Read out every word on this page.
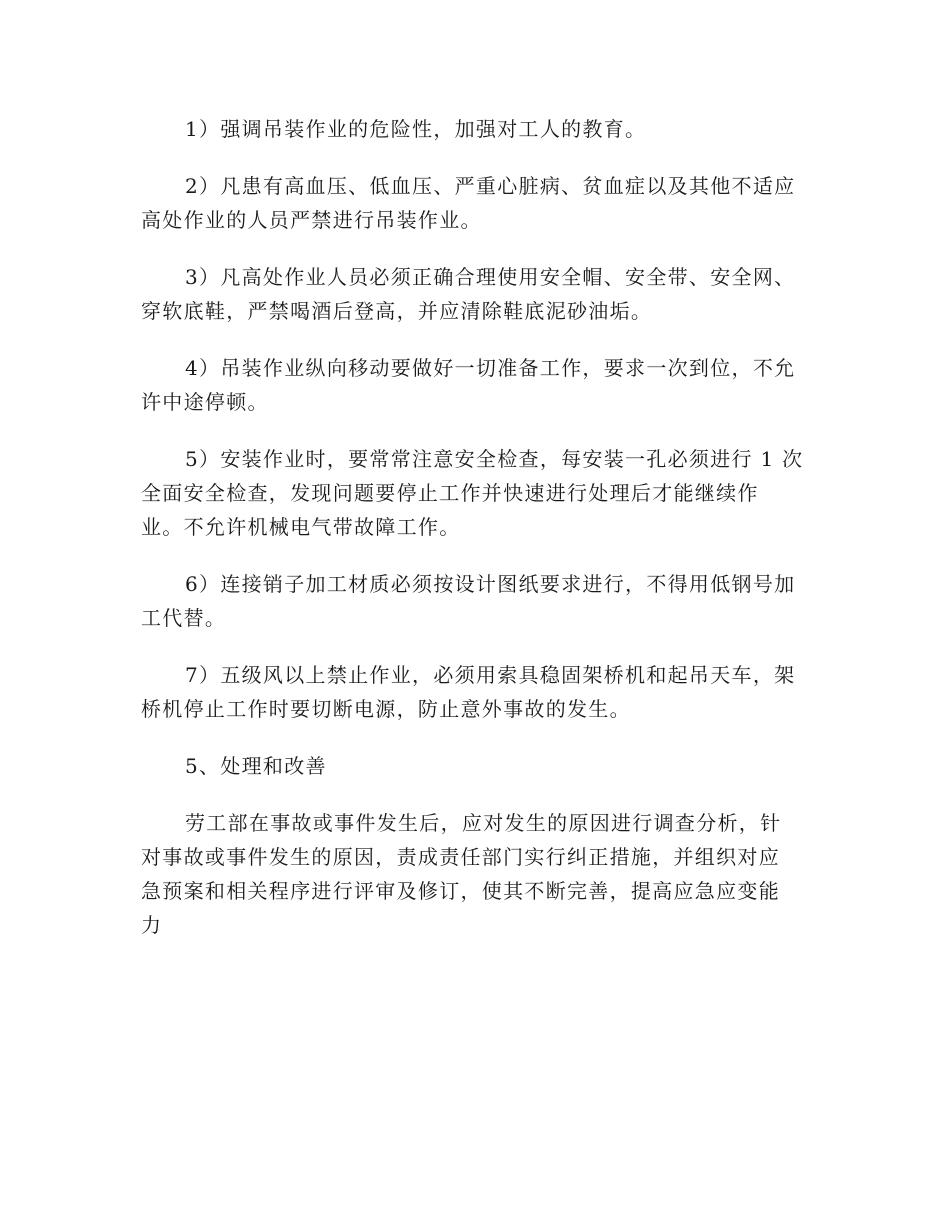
1）强调吊装作业的危险性，加强对工人的教育。
2）凡患有高血压、低血压、严重心脏病、贫血症以及其他不适应
高处作业的人员严禁进行吊装作业。
3）凡高处作业人员必须正确合理使用安全帽、安全带、安全网、
穿软底鞋，严禁喝酒后登高，并应清除鞋底泥砂油垢。
4）吊装作业纵向移动要做好一切准备工作，要求一次到位，不允
许中途停顿。
5）安装作业时，要常常注意安全检查，每安装一孔必须进行 1 次
全面安全检查，发现问题要停止工作并快速进行处理后才能继续作
业。不允许机械电气带故障工作。
6）连接销子加工材质必须按设计图纸要求进行，不得用低钢号加
工代替。
7）五级风以上禁止作业，必须用索具稳固架桥机和起吊天车，架
桥机停止工作时要切断电源，防止意外事故的发生。
5、处理和改善
劳工部在事故或事件发生后，应对发生的原因进行调查分析，针
对事故或事件发生的原因，责成责任部门实行纠正措施，并组织对应
急预案和相关程序进行评审及修订，使其不断完善，提高应急应变能
力
